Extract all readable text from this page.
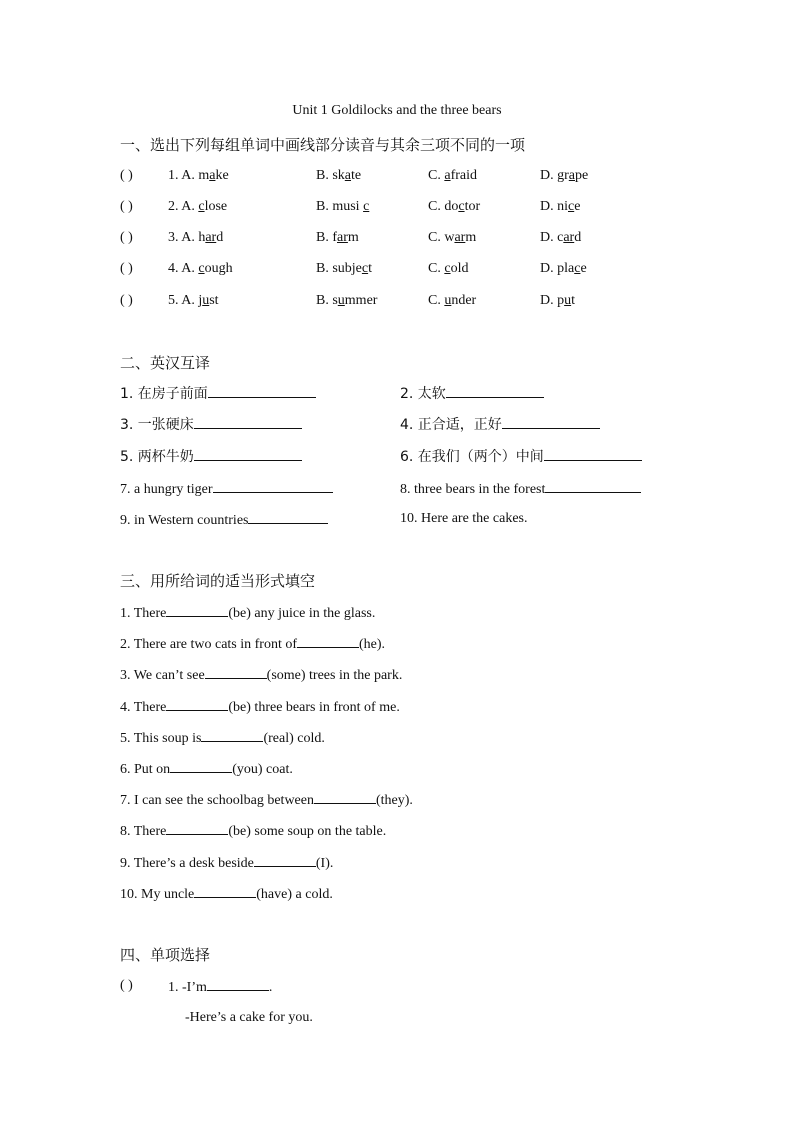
Unit 1 Goldilocks and the three bears
一、选出下列每组单词中画线部分读音与其余三项不同的一项
( )	1. A. make	B. skate	C. afraid	D. grape
( )	2. A. close	B. musi c	C. doctor	D. nice
( )	3. A. hard	B. farm	C. warm	D. card
( )	4. A. cough	B. subject	C. cold	D. place
( )	5. A. just	B. summer	C. under	D. put
二、英汉互译
1. 在房子前面	2. 太软
3. 一张硬床	4. 正合适，正好
5. 两杯牛奶	6. 在我们（两个）中间
7. a hungry tiger	8. three bears in the forest
9. in Western countries	10. Here are the cakes.
三、用所给词的适当形式填空
1. There	(be) any juice in the glass.
2. There are two cats in front of	(he).
3. We can’t see	(some) trees in the park.
4. There	(be) three bears in front of me.
5. This soup is	(real) cold.
6. Put on	(you) coat.
7. I can see the schoolbag between	(they).
8. There	(be) some soup on the table.
9. There’s a desk beside	(I).
10. My uncle	(have) a cold.
四、单项选择
( )	1. -I’m	.
-Here’s a cake for you.
